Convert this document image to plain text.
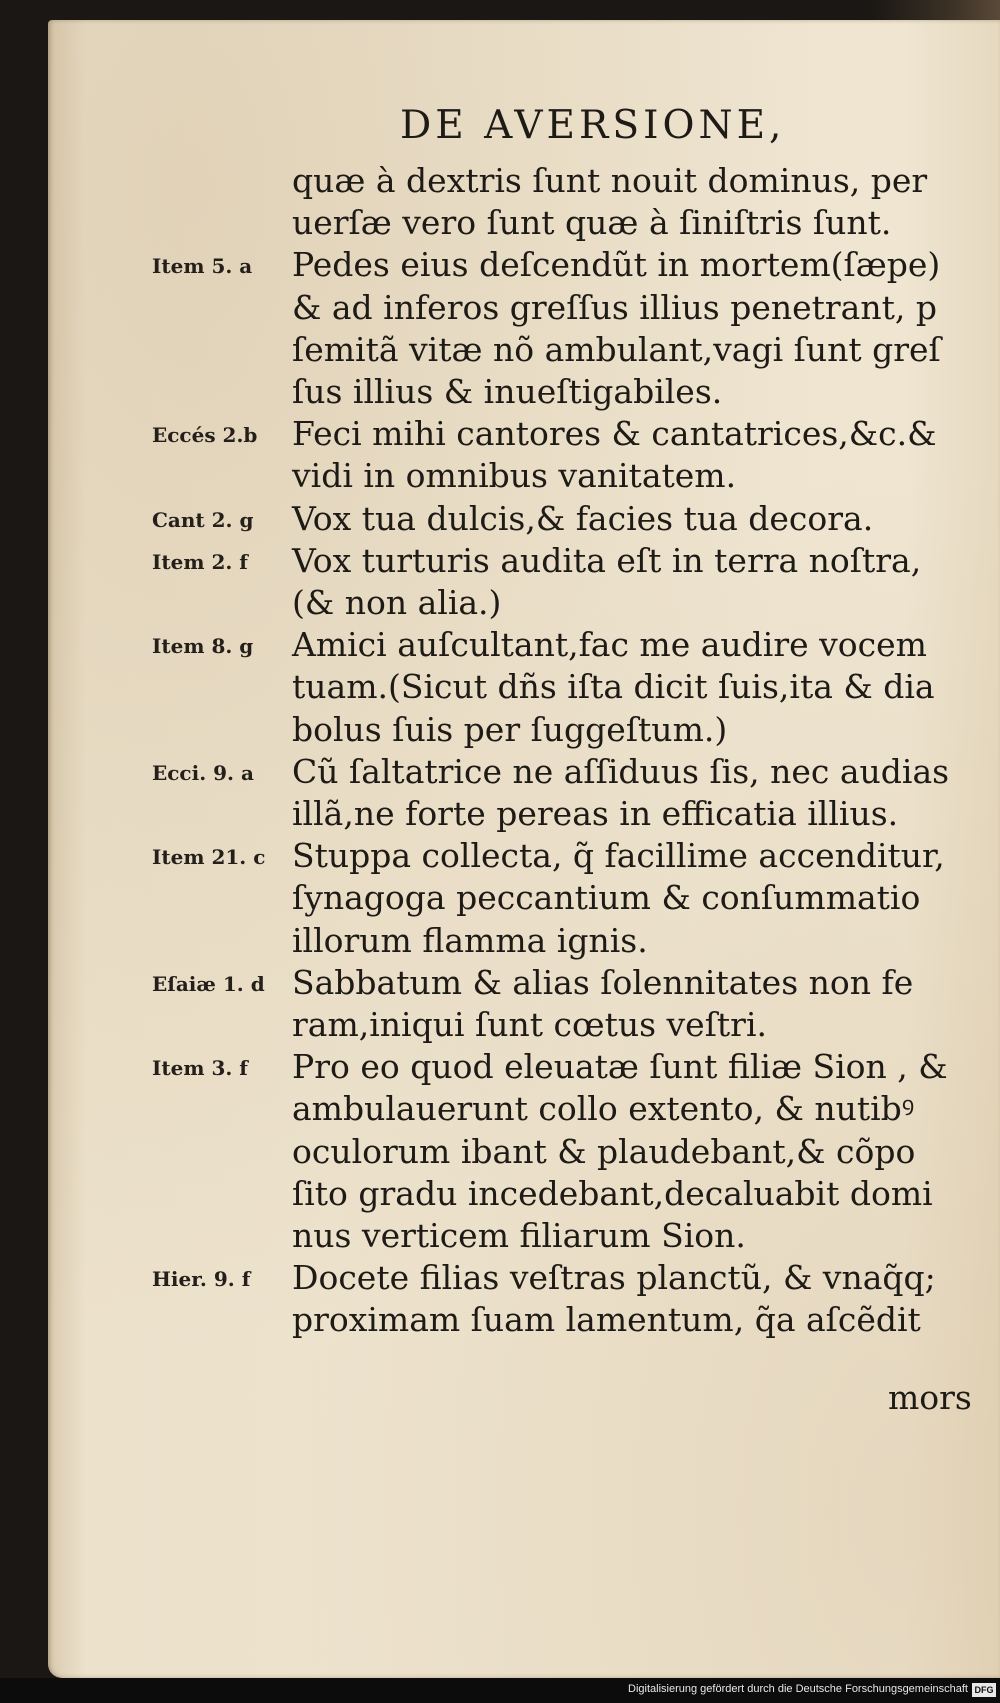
DE AVERSIONE,
quæ à dextris ſunt nouit dominus, per
uerſæ vero ſunt quæ à ſiniſtris ſunt.
Item 5. a Pedes eius deſcendũt in mortem(ſæpe)
& ad inferos greſſus illius penetrant, p
ſemitã vitæ nõ ambulant,vagi ſunt greſ
ſus illius & inueſtigabiles.
Eccés 2.b Feci mihi cantores & cantatrices,&c.&
vidi in omnibus vanitatem.
Cant 2. g Vox tua dulcis,& facies tua decora.
Item 2. f Vox turturis audita eſt in terra noſtra,
(& non alia.)
Item 8. g Amici auſcultant,fac me audire vocem
tuam.(Sicut dñs iſta dicit ſuis,ita & dia
bolus ſuis per ſuggeſtum.)
Ecci. 9. a Cũ ſaltatrice ne aſſiduus ſis, nec audias
illã,ne forte pereas in efficatia illius.
Item 21. c Stuppa collecta, q̃ facillime accenditur,
ſynagoga peccantium & conſummatio
illorum flamma ignis.
Eſaiæ 1. d Sabbatum & alias ſolennitates non fe
ram,iniqui ſunt cœtus veſtri.
Item 3. f Pro eo quod eleuatæ ſunt filiæ Sion , &
ambulauerunt collo extento, & nutibꝰ
oculorum ibant & plaudebant,& cõpo
ſito gradu incedebant,decaluabit domi
nus verticem filiarum Sion.
Hier. 9. f Docete filias veſtras planctũ, & vnaq̃q;
proximam ſuam lamentum, q̃a aſcẽdit
mors
Digitalisierung gefördert durch die Deutsche Forschungsgemeinschaft DFG
